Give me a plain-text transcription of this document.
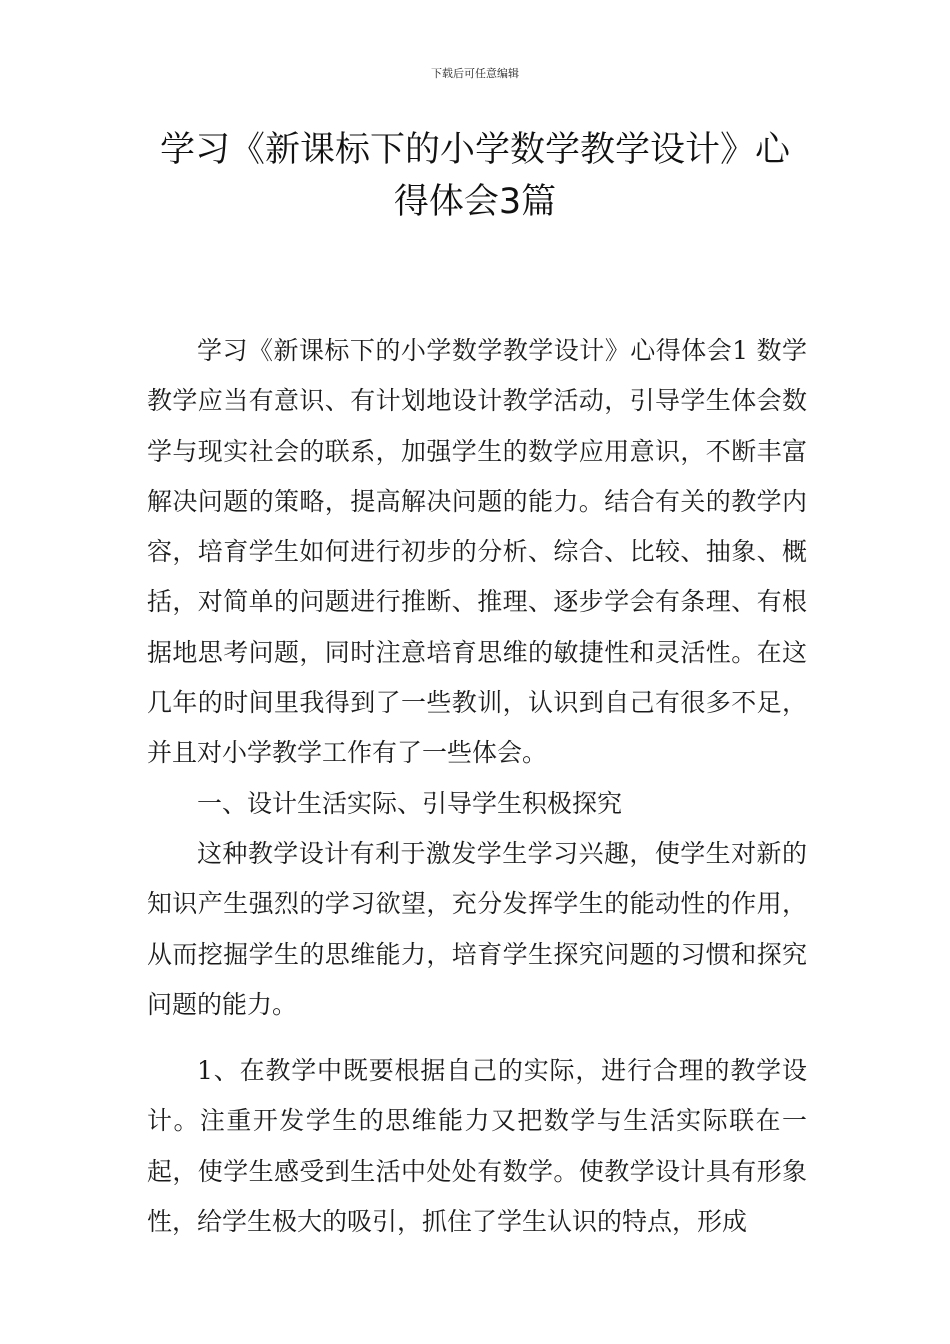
下载后可任意编辑
学习《新课标下的小学数学教学设计》心
得体会3篇

学习《新课标下的小学数学教学设计》心得体会1 数学教学应当有意识、有计划地设计教学活动，引导学生体会数学与现实社会的联系，加强学生的数学应用意识，不断丰富解决问题的策略，提高解决问题的能力。结合有关的教学内容，培育学生如何进行初步的分析、综合、比较、抽象、概括，对简单的问题进行推断、推理、逐步学会有条理、有根据地思考问题，同时注意培育思维的敏捷性和灵活性。在这几年的时间里我得到了一些教训，认识到自己有很多不足，并且对小学教学工作有了一些体会。

一、设计生活实际、引导学生积极探究

这种教学设计有利于激发学生学习兴趣，使学生对新的知识产生强烈的学习欲望，充分发挥学生的能动性的作用，从而挖掘学生的思维能力，培育学生探究问题的习惯和探究问题的能力。

1、在教学中既要根据自己的实际，进行合理的教学设计。注重开发学生的思维能力又把数学与生活实际联在一起，使学生感受到生活中处处有数学。使教学设计具有形象性，给学生极大的吸引，抓住了学生认识的特点，形成
